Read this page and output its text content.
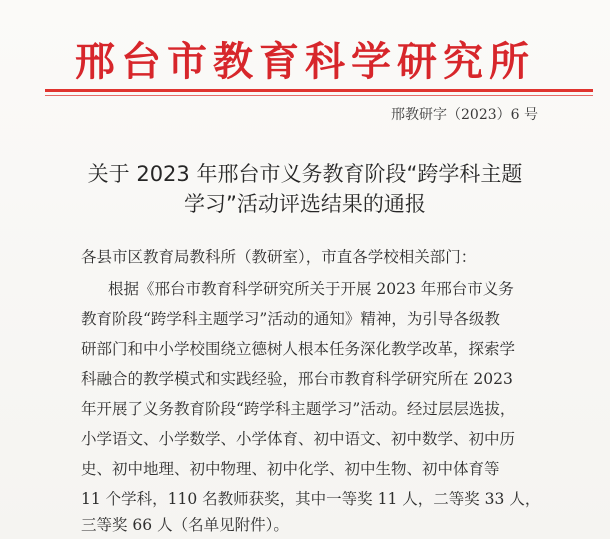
邢台市教育科学研究所
邢教研字（2023）6 号
关于 2023 年邢台市义务教育阶段“跨学科主题
学习”活动评选结果的通报
各县市区教育局教科所（教研室），市直各学校相关部门：
根据《邢台市教育科学研究所关于开展 2023 年邢台市义务
教育阶段“跨学科主题学习”活动的通知》精神，为引导各级教
研部门和中小学校围绕立德树人根本任务深化教学改革，探索学
科融合的教学模式和实践经验，邢台市教育科学研究所在 2023
年开展了义务教育阶段“跨学科主题学习”活动。经过层层选拔，
小学语文、小学数学、小学体育、初中语文、初中数学、初中历
史、初中地理、初中物理、初中化学、初中生物、初中体育等
11 个学科，110 名教师获奖，其中一等奖 11 人，二等奖 33 人，
三等奖 66 人（名单见附件）。
